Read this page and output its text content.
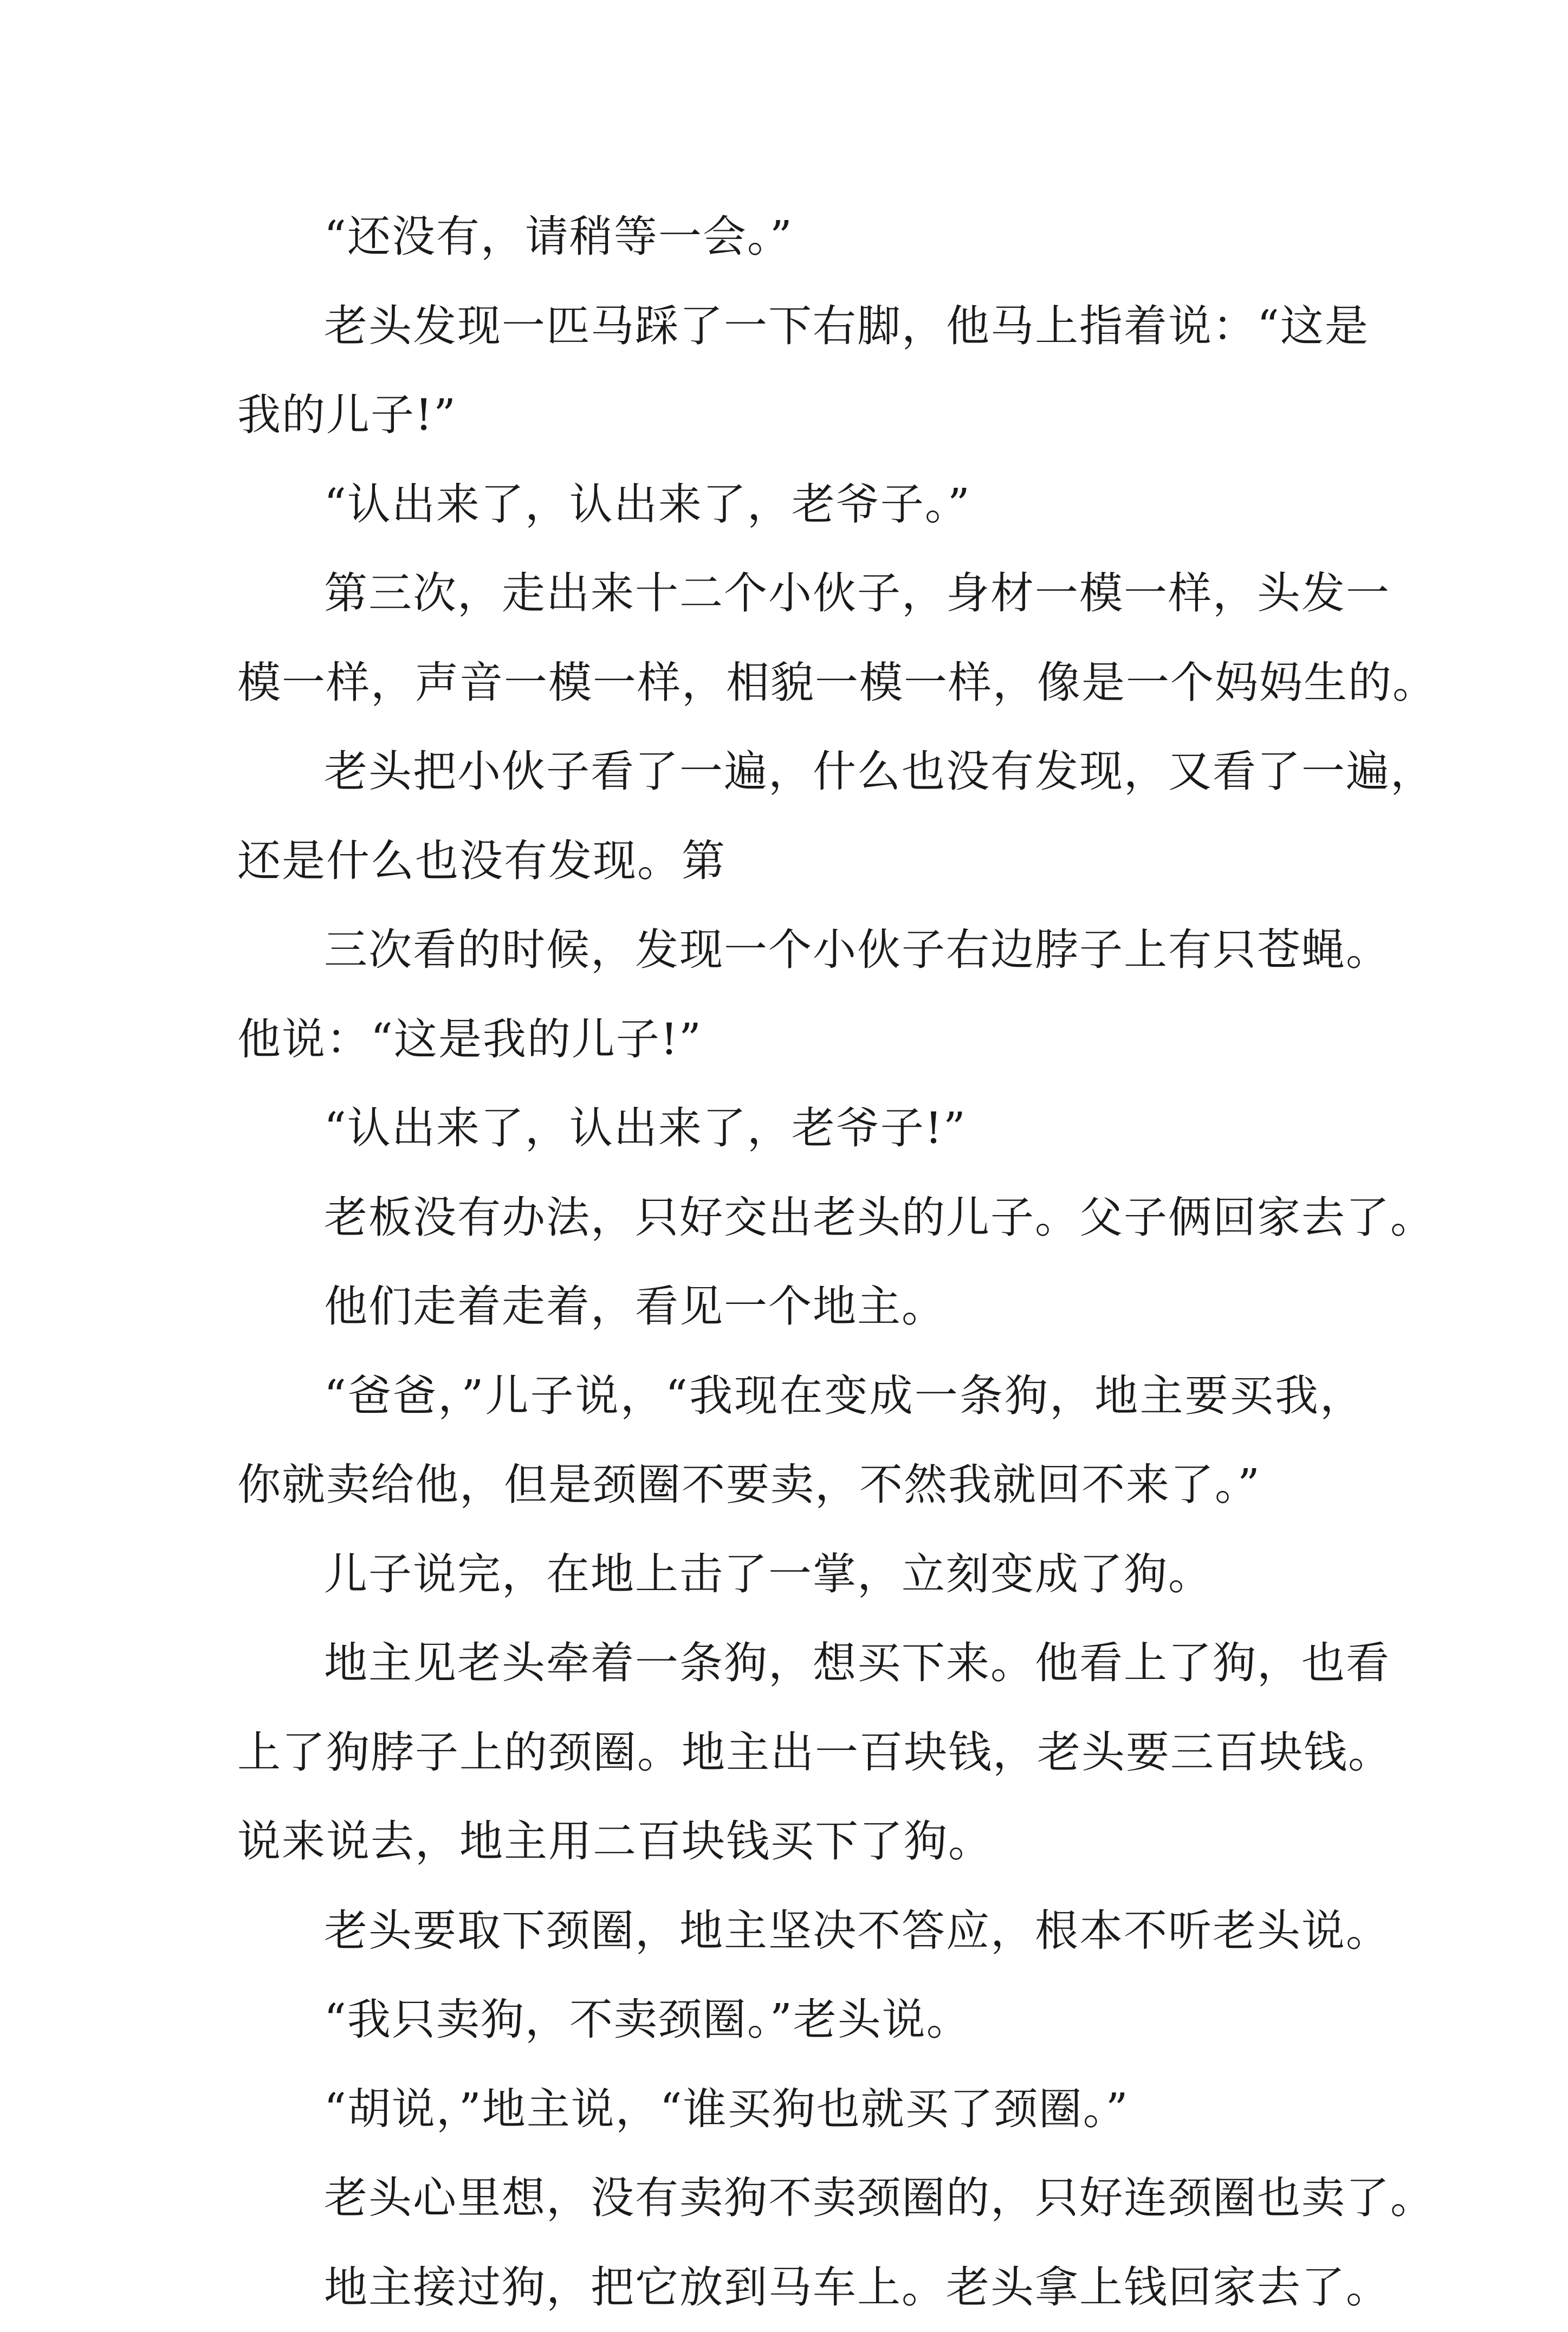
“还没有，请稍等一会。”
老头发现一匹马踩了一下右脚，他马上指着说：“这是
我的儿子!”
“认出来了，认出来了，老爷子。”
第三次，走出来十二个小伙子，身材一模一样，头发一
模一样，声音一模一样，相貌一模一样，像是一个妈妈生的。
老头把小伙子看了一遍，什么也没有发现，又看了一遍，
还是什么也没有发现。第
三次看的时候，发现一个小伙子右边脖子上有只苍蝇。
他说：“这是我的儿子!”
“认出来了，认出来了，老爷子!”
老板没有办法，只好交出老头的儿子。父子俩回家去了。
他们走着走着，看见一个地主。
“爸爸，”儿子说，“我现在变成一条狗，地主要买我，
你就卖给他，但是颈圈不要卖，不然我就回不来了。”
儿子说完，在地上击了一掌，立刻变成了狗。
地主见老头牵着一条狗，想买下来。他看上了狗，也看
上了狗脖子上的颈圈。地主出一百块钱，老头要三百块钱。
说来说去，地主用二百块钱买下了狗。
老头要取下颈圈，地主坚决不答应，根本不听老头说。
“我只卖狗，不卖颈圈。”老头说。
“胡说，”地主说，“谁买狗也就买了颈圈。”
老头心里想，没有卖狗不卖颈圈的，只好连颈圈也卖了。
地主接过狗，把它放到马车上。老头拿上钱回家去了。
